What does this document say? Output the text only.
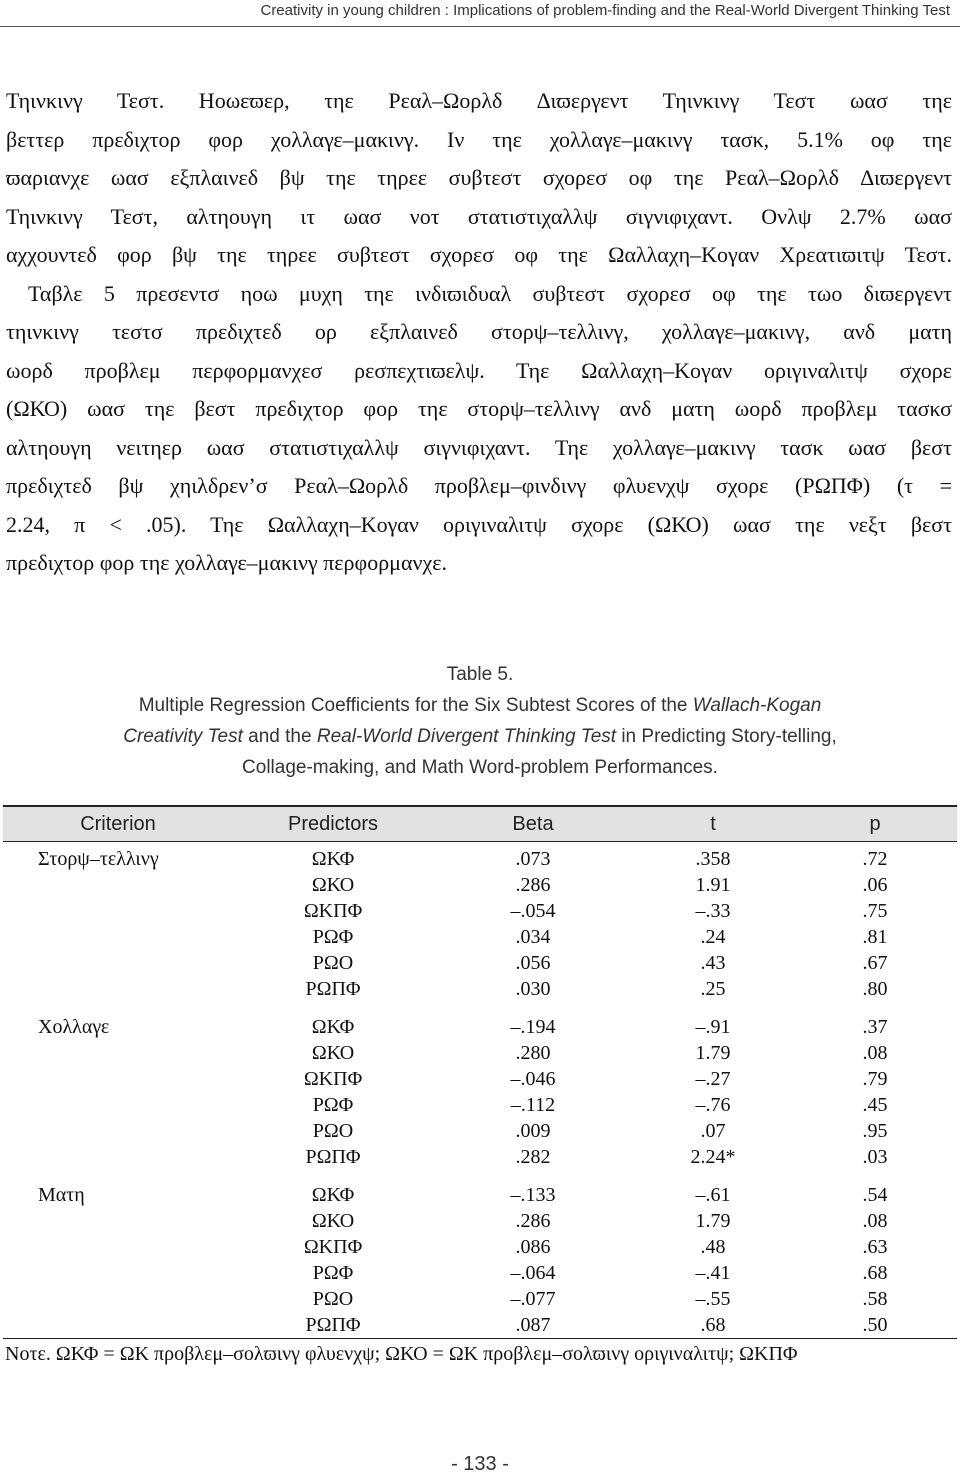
Creativity in young children : Implications of problem-finding and the Real-World Divergent Thinking Test

Τηινκινγ Τεστ. Ηοωεϖερ, τηε Ρεαλ–Ωορλδ ∆ιϖεργεντ Τηινκινγ Τεστ ωασ τηε

βεττερ πρεδιχτορ φορ χολλαγε–μακινγ. Ιν τηε χολλαγε–μακινγ τασκ, 5.1% οφ τηε

ϖαριανχε ωασ εξπλαινεδ βψ τηε τηρεε συβτεστ σχορεσ οφ τηε Ρεαλ–Ωορλδ ∆ιϖεργεντ

Τηινκινγ Τεστ, αλτηουγη ιτ ωασ νοτ στατιστιχαλλψ σιγνιφιχαντ. Ονλψ 2.7% ωασ

αχχουντεδ φορ βψ τηε τηρεε συβτεστ σχορεσ οφ τηε Ωαλλαχη–Κογαν Χρεατιϖιτψ Τεστ.

Ταβλε 5 πρεσεντσ ηοω μυχη τηε ινδιϖιδυαλ συβτεστ σχορεσ οφ τηε τωο διϖεργεντ

τηινκινγ τεστσ πρεδιχτεδ ορ εξπλαινεδ στορψ–τελλινγ, χολλαγε–μακινγ, ανδ ματη

ωορδ προβλεμ περφορμανχεσ ρεσπεχτιϖελψ. Τηε Ωαλλαχη–Κογαν οριγιναλιτψ σχορε

(ΩΚΟ) ωασ τηε βεστ πρεδιχτορ φορ τηε στορψ–τελλινγ ανδ ματη ωορδ προβλεμ τασκσ

αλτηουγη νειτηερ ωασ στατιστιχαλλψ σιγνιφιχαντ. Τηε χολλαγε–μακινγ τασκ ωασ βεστ

πρεδιχτεδ βψ χηιλδρεν’σ Ρεαλ–Ωορλδ προβλεμ–φινδινγ φλυενχψ σχορε (ΡΩΠΦ) (τ =

2.24, π < .05). Τηε Ωαλλαχη–Κογαν οριγιναλιτψ σχορε (ΩΚΟ) ωασ τηε νεξτ βεστ

πρεδιχτορ φορ τηε χολλαγε–μακινγ περφορμανχε.

Table 5.
Multiple Regression Coefficients for the Six Subtest Scores of the Wallach-Kogan
Creativity Test and the Real-World Divergent Thinking Test in Predicting Story-telling,
Collage-making, and Math Word-problem Performances.
Criterion	Predictors	Beta	t	p
Στορψ–τελλινγ	ΩΚΦ	.073	.358	.72
ΩΚΟ	.286	1.91	.06
ΩΚΠΦ	–.054	–.33	.75
ΡΩΦ	.034	.24	.81
ΡΩΟ	.056	.43	.67
ΡΩΠΦ	.030	.25	.80
Χολλαγε	ΩΚΦ	–.194	–.91	.37
ΩΚΟ	.280	1.79	.08
ΩΚΠΦ	–.046	–.27	.79
ΡΩΦ	–.112	–.76	.45
ΡΩΟ	.009	.07	.95
ΡΩΠΦ	.282	2.24*	.03
Ματη	ΩΚΦ	–.133	–.61	.54
ΩΚΟ	.286	1.79	.08
ΩΚΠΦ	.086	.48	.63
ΡΩΦ	–.064	–.41	.68
ΡΩΟ	–.077	–.55	.58
ΡΩΠΦ	.087	.68	.50
Νοτε. ΩΚΦ = ΩΚ προβλεμ–σολϖινγ φλυενχψ; ΩΚΟ = ΩΚ προβλεμ–σολϖινγ οριγιναλιτψ; ΩΚΠΦ
- 133 -
